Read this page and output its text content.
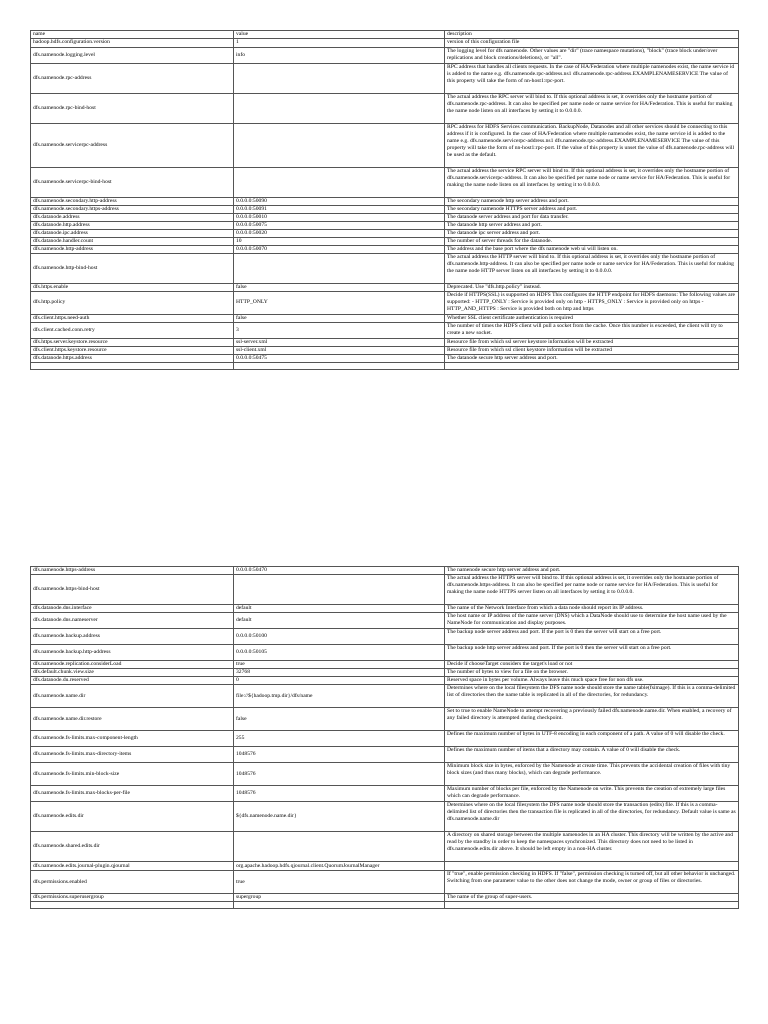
name	value	description
hadoop.hdfs.configuration.version	1	version of this configuration file
dfs.namenode.logging.level	info	The logging level for dfs namenode. Other values are "dir" (trace namespace mutations), "block" (trace block under/over replications and block creations/deletions), or "all".
dfs.namenode.rpc-address		RPC address that handles all clients requests. In the case of HA/Federation where multiple namenodes exist, the name service id is added to the name e.g. dfs.namenode.rpc-address.ns1 dfs.namenode.rpc-address.EXAMPLENAMESERVICE The value of this property will take the form of nn-host1:rpc-port.
dfs.namenode.rpc-bind-host		The actual address the RPC server will bind to. If this optional address is set, it overrides only the hostname portion of dfs.namenode.rpc-address. It can also be specified per name node or name service for HA/Federation. This is useful for making the name node listen on all interfaces by setting it to 0.0.0.0.
dfs.namenode.servicerpc-address		RPC address for HDFS Services communication. BackupNode, Datanodes and all other services should be connecting to this address if it is configured. In the case of HA/Federation where multiple namenodes exist, the name service id is added to the name e.g. dfs.namenode.servicerpc-address.ns1 dfs.namenode.rpc-address.EXAMPLENAMESERVICE The value of this property will take the form of nn-host1:rpc-port. If the value of this property is unset the value of dfs.namenode.rpc-address will be used as the default.
dfs.namenode.servicerpc-bind-host		The actual address the service RPC server will bind to. If this optional address is set, it overrides only the hostname portion of dfs.namenode.servicerpc-address. It can also be specified per name node or name service for HA/Federation. This is useful for making the name node listen on all interfaces by setting it to 0.0.0.0.
dfs.namenode.secondary.http-address	0.0.0.0:50090	The secondary namenode http server address and port.
dfs.namenode.secondary.https-address	0.0.0.0:50091	The secondary namenode HTTPS server address and port.
dfs.datanode.address	0.0.0.0:50010	The datanode server address and port for data transfer.
dfs.datanode.http.address	0.0.0.0:50075	The datanode http server address and port.
dfs.datanode.ipc.address	0.0.0.0:50020	The datanode ipc server address and port.
dfs.datanode.handler.count	10	The number of server threads for the datanode.
dfs.namenode.http-address	0.0.0.0:50070	The address and the base port where the dfs namenode web ui will listen on.
dfs.namenode.http-bind-host		The actual address the HTTP server will bind to. If this optional address is set, it overrides only the hostname portion of dfs.namenode.http-address. It can also be specified per name node or name service for HA/Federation. This is useful for making the name node HTTP server listen on all interfaces by setting it to 0.0.0.0.
dfs.https.enable	false	Deprecated. Use "dfs.http.policy" instead.
dfs.http.policy	HTTP_ONLY	Decide if HTTPS(SSL) is supported on HDFS This configures the HTTP endpoint for HDFS daemons: The following values are supported: - HTTP_ONLY : Service is provided only on http - HTTPS_ONLY : Service is provided only on https - HTTP_AND_HTTPS : Service is provided both on http and https
dfs.client.https.need-auth	false	Whether SSL client certificate authentication is required
dfs.client.cached.conn.retry	3	The number of times the HDFS client will pull a socket from the cache. Once this number is exceeded, the client will try to create a new socket.
dfs.https.server.keystore.resource	ssl-server.xml	Resource file from which ssl server keystore information will be extracted
dfs.client.https.keystore.resource	ssl-client.xml	Resource file from which ssl client keystore information will be extracted
dfs.datanode.https.address	0.0.0.0:50475	The datanode secure http server address and port.

dfs.namenode.https-address	0.0.0.0:50470	The namenode secure http server address and port.
dfs.namenode.https-bind-host		The actual address the HTTPS server will bind to. If this optional address is set, it overrides only the hostname portion of dfs.namenode.https-address. It can also be specified per name node or name service for HA/Federation. This is useful for making the name node HTTPS server listen on all interfaces by setting it to 0.0.0.0.
dfs.datanode.dns.interface	default	The name of the Network Interface from which a data node should report its IP address.
dfs.datanode.dns.nameserver	default	The host name or IP address of the name server (DNS) which a DataNode should use to determine the host name used by the NameNode for communication and display purposes.
dfs.namenode.backup.address	0.0.0.0:50100	The backup node server address and port. If the port is 0 then the server will start on a free port.
dfs.namenode.backup.http-address	0.0.0.0:50105	The backup node http server address and port. If the port is 0 then the server will start on a free port.
dfs.namenode.replication.considerLoad	true	Decide if chooseTarget considers the target's load or not
dfs.default.chunk.view.size	32768	The number of bytes to view for a file on the browser.
dfs.datanode.du.reserved	0	Reserved space in bytes per volume. Always leave this much space free for non dfs use.
dfs.namenode.name.dir	file://${hadoop.tmp.dir}/dfs/name	Determines where on the local filesystem the DFS name node should store the name table(fsimage). If this is a comma-delimited list of directories then the name table is replicated in all of the directories, for redundancy.
dfs.namenode.name.dir.restore	false	Set to true to enable NameNode to attempt recovering a previously failed dfs.namenode.name.dir. When enabled, a recovery of any failed directory is attempted during checkpoint.
dfs.namenode.fs-limits.max-component-length	255	Defines the maximum number of bytes in UTF-8 encoding in each component of a path. A value of 0 will disable the check.
dfs.namenode.fs-limits.max-directory-items	1048576	Defines the maximum number of items that a directory may contain. A value of 0 will disable the check.
dfs.namenode.fs-limits.min-block-size	1048576	Minimum block size in bytes, enforced by the Namenode at create time. This prevents the accidental creation of files with tiny block sizes (and thus many blocks), which can degrade performance.
dfs.namenode.fs-limits.max-blocks-per-file	1048576	Maximum number of blocks per file, enforced by the Namenode on write. This prevents the creation of extremely large files which can degrade performance.
dfs.namenode.edits.dir	${dfs.namenode.name.dir}	Determines where on the local filesystem the DFS name node should store the transaction (edits) file. If this is a comma-delimited list of directories then the transaction file is replicated in all of the directories, for redundancy. Default value is same as dfs.namenode.name.dir
dfs.namenode.shared.edits.dir		A directory on shared storage between the multiple namenodes in an HA cluster. This directory will be written by the active and read by the standby in order to keep the namespaces synchronized. This directory does not need to be listed in dfs.namenode.edits.dir above. It should be left empty in a non-HA cluster.
dfs.namenode.edits.journal-plugin.qjournal	org.apache.hadoop.hdfs.qjournal.client.QuorumJournalManager	
dfs.permissions.enabled	true	If "true", enable permission checking in HDFS. If "false", permission checking is turned off, but all other behavior is unchanged. Switching from one parameter value to the other does not change the mode, owner or group of files or directories.
dfs.permissions.superusergroup	supergroup	The name of the group of super-users.
